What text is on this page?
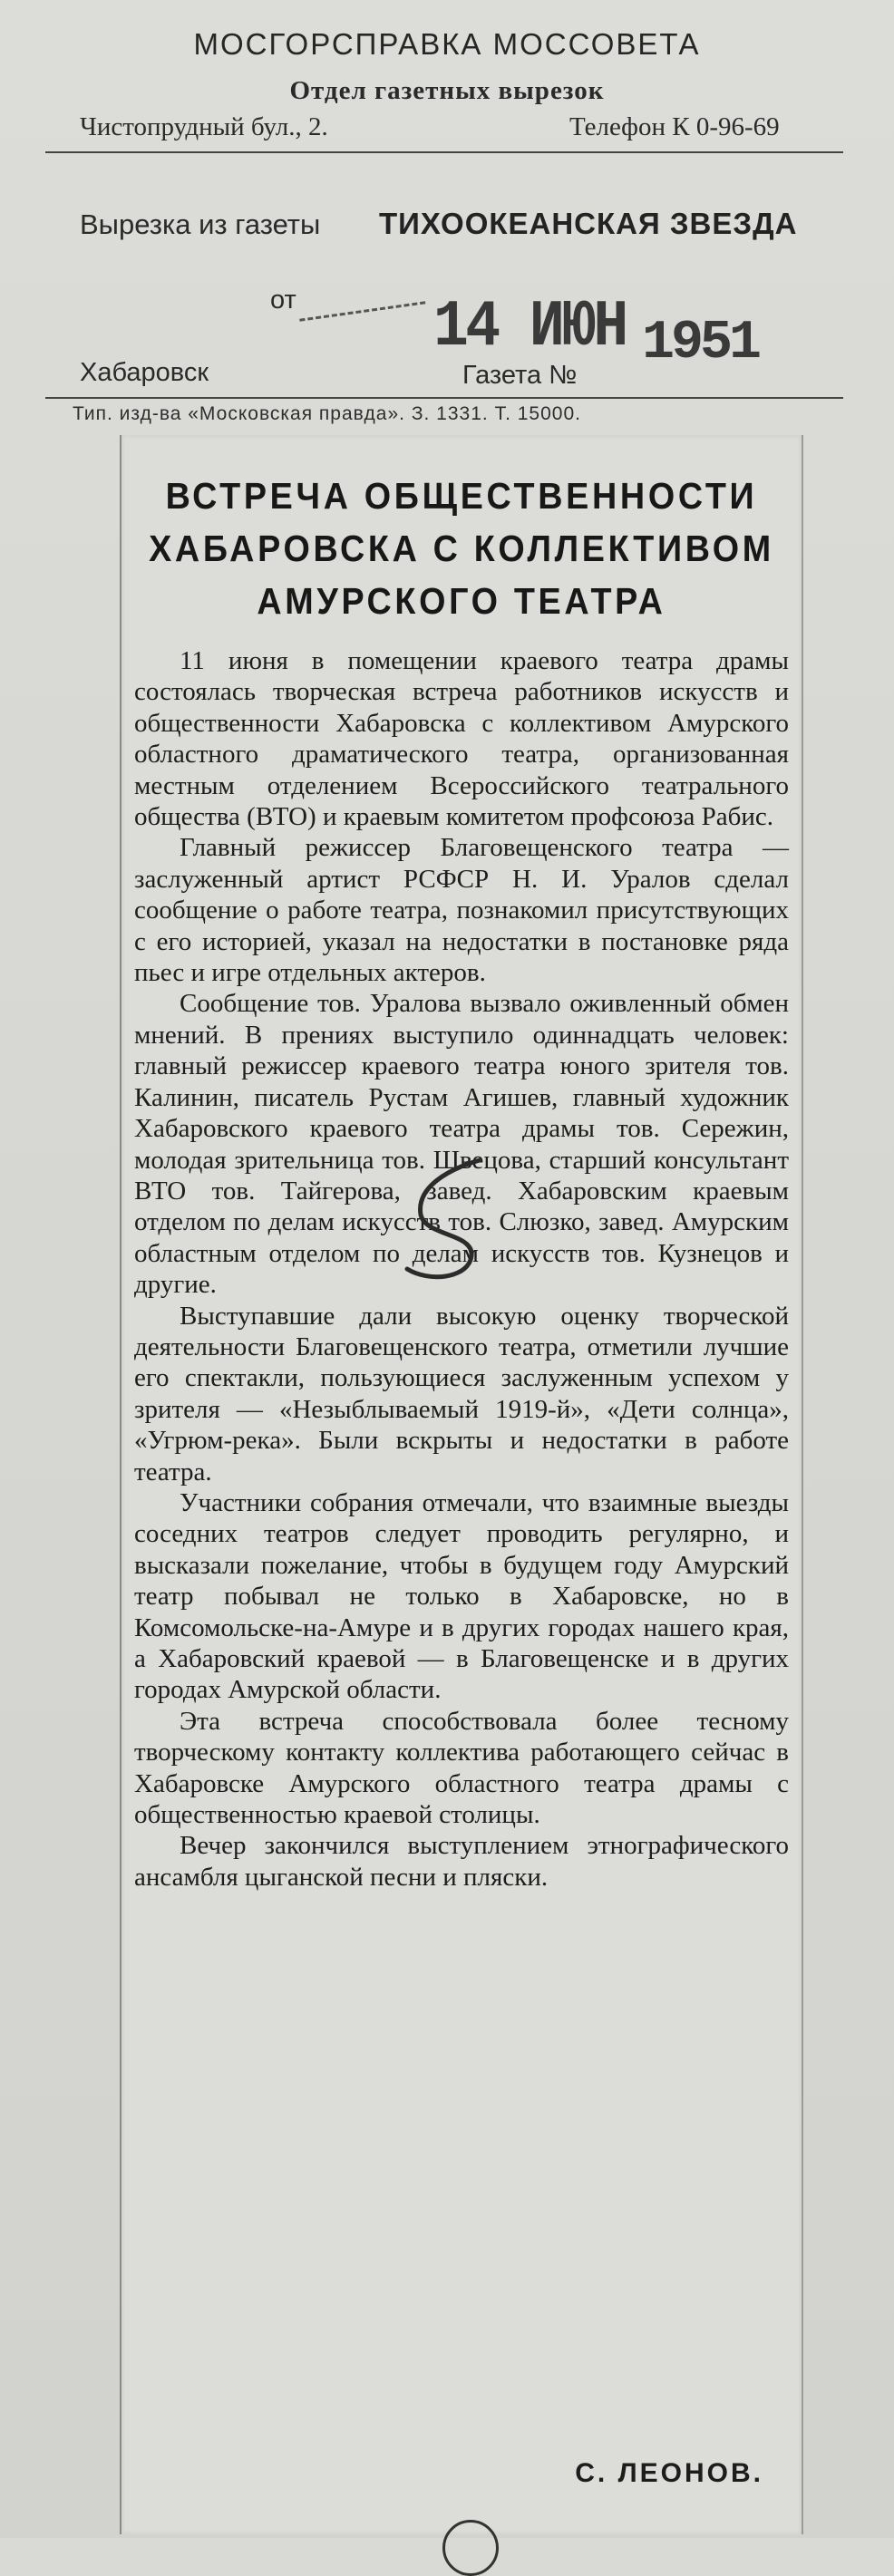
МОСГОРСПРАВКА МОССОВЕТА
Отдел газетных вырезок
Чистопрудный бул., 2.	Телефон К 0-96-69
Вырезка из газеты ТИХООКЕАНСКАЯ ЗВЕЗДА
от 14 ИЮН 1951
Хабаровск	Газета №
Тип. изд-ва «Московская правда». З. 1331. Т. 15000.
ВСТРЕЧА ОБЩЕСТВЕННОСТИ ХАБАРОВСКА С КОЛЛЕКТИВОМ АМУРСКОГО ТЕАТРА

11 июня в помещении краевого театра драмы состоялась творческая встреча работников искусств и общественности Хабаровска с коллективом Амурского областного драматического театра, организованная местным отделением Всероссийского театрального общества (ВТО) и краевым комитетом профсоюза Рабис.

Главный режиссер Благовещенского театра — заслуженный артист РСФСР Н. И. Уралов сделал сообщение о работе театра, познакомил присутствующих с его историей, указал на недостатки в постановке ряда пьес и игре отдельных актеров.

Сообщение тов. Уралова вызвало оживленный обмен мнений. В прениях выступило одиннадцать человек: главный режиссер краевого театра юного зрителя тов. Калинин, писатель Рустам Агишев, главный художник Хабаровского краевого театра драмы тов. Сережин, молодая зрительница тов. Швецова, старший консультант ВТО тов. Тайгерова, завед. Хабаровским краевым отделом по делам искусств тов. Слюзко, завед. Амурским областным отделом по делам искусств тов. Кузнецов и другие.

Выступавшие дали высокую оценку творческой деятельности Благовещенского театра, отметили лучшие его спектакли, пользующиеся заслуженным успехом у зрителя — «Незыблываемый 1919-й», «Дети солнца», «Угрюм-река». Были вскрыты и недостатки в работе театра.

Участники собрания отмечали, что взаимные выезды соседних театров следует проводить регулярно, и высказали пожелание, чтобы в будущем году Амурский театр побывал не только в Хабаровске, но в Комсомольске-на-Амуре и в других городах нашего края, а Хабаровский краевой — в Благовещенске и в других городах Амурской области.

Эта встреча способствовала более тесному творческому контакту коллектива работающего сейчас в Хабаровске Амурского областного театра драмы с общественностью краевой столицы.

Вечер закончился выступлением этнографического ансамбля цыганской песни и пляски.

С. ЛЕОНОВ.
